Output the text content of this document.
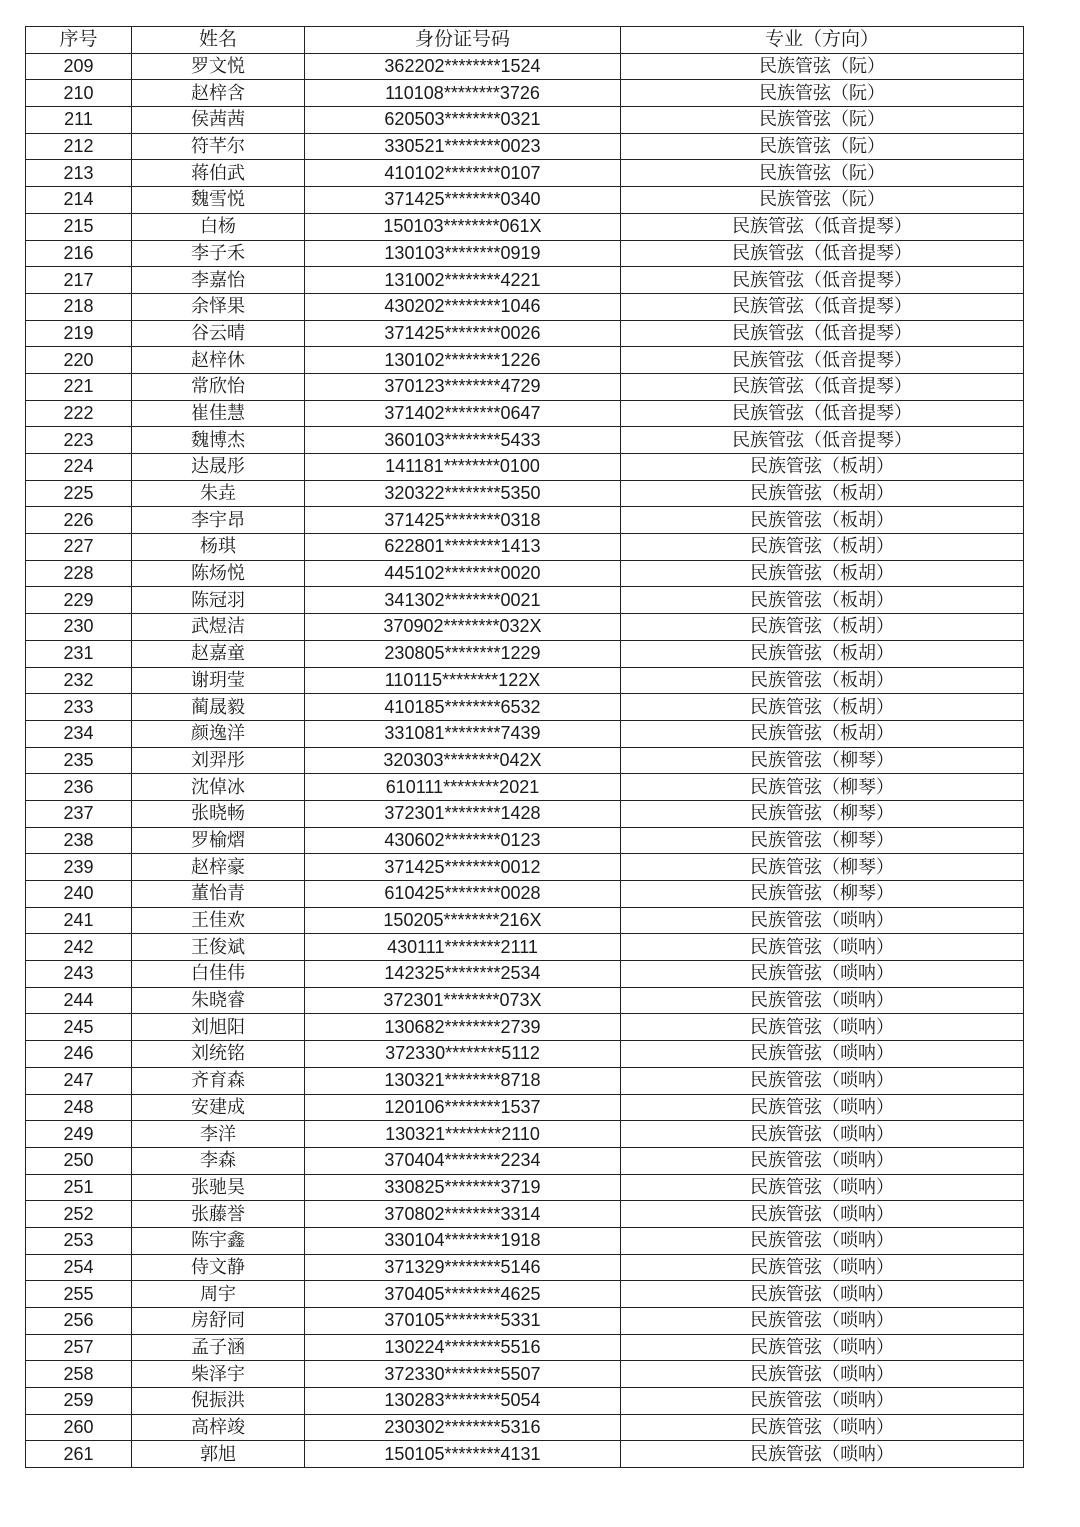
序号	姓名	身份证号码	专业（方向）
209	罗文悦	362202********1524	民族管弦（阮）
210	赵梓含	110108********3726	民族管弦（阮）
211	侯茜茜	620503********0321	民族管弦（阮）
212	符芊尔	330521********0023	民族管弦（阮）
213	蒋伯武	410102********0107	民族管弦（阮）
214	魏雪悦	371425********0340	民族管弦（阮）
215	白杨	150103********061X	民族管弦（低音提琴）
216	李子禾	130103********0919	民族管弦（低音提琴）
217	李嘉怡	131002********4221	民族管弦（低音提琴）
218	余怿果	430202********1046	民族管弦（低音提琴）
219	谷云晴	371425********0026	民族管弦（低音提琴）
220	赵梓休	130102********1226	民族管弦（低音提琴）
221	常欣怡	370123********4729	民族管弦（低音提琴）
222	崔佳慧	371402********0647	民族管弦（低音提琴）
223	魏博杰	360103********5433	民族管弦（低音提琴）
224	达晟彤	141181********0100	民族管弦（板胡）
225	朱垚	320322********5350	民族管弦（板胡）
226	李宇昂	371425********0318	民族管弦（板胡）
227	杨琪	622801********1413	民族管弦（板胡）
228	陈炀悦	445102********0020	民族管弦（板胡）
229	陈冠羽	341302********0021	民族管弦（板胡）
230	武煜洁	370902********032X	民族管弦（板胡）
231	赵嘉童	230805********1229	民族管弦（板胡）
232	谢玥莹	110115********122X	民族管弦（板胡）
233	蔺晟毅	410185********6532	民族管弦（板胡）
234	颜逸洋	331081********7439	民族管弦（板胡）
235	刘羿彤	320303********042X	民族管弦（柳琴）
236	沈倬冰	610111********2021	民族管弦（柳琴）
237	张晓畅	372301********1428	民族管弦（柳琴）
238	罗榆熠	430602********0123	民族管弦（柳琴）
239	赵梓豪	371425********0012	民族管弦（柳琴）
240	董怡青	610425********0028	民族管弦（柳琴）
241	王佳欢	150205********216X	民族管弦（唢呐）
242	王俊斌	430111********2111	民族管弦（唢呐）
243	白佳伟	142325********2534	民族管弦（唢呐）
244	朱晓睿	372301********073X	民族管弦（唢呐）
245	刘旭阳	130682********2739	民族管弦（唢呐）
246	刘统铭	372330********5112	民族管弦（唢呐）
247	齐育森	130321********8718	民族管弦（唢呐）
248	安建成	120106********1537	民族管弦（唢呐）
249	李洋	130321********2110	民族管弦（唢呐）
250	李森	370404********2234	民族管弦（唢呐）
251	张驰昊	330825********3719	民族管弦（唢呐）
252	张藤誉	370802********3314	民族管弦（唢呐）
253	陈宇鑫	330104********1918	民族管弦（唢呐）
254	侍文静	371329********5146	民族管弦（唢呐）
255	周宇	370405********4625	民族管弦（唢呐）
256	房舒同	370105********5331	民族管弦（唢呐）
257	孟子涵	130224********5516	民族管弦（唢呐）
258	柴泽宇	372330********5507	民族管弦（唢呐）
259	倪振洪	130283********5054	民族管弦（唢呐）
260	高梓竣	230302********5316	民族管弦（唢呐）
261	郭旭	150105********4131	民族管弦（唢呐）
